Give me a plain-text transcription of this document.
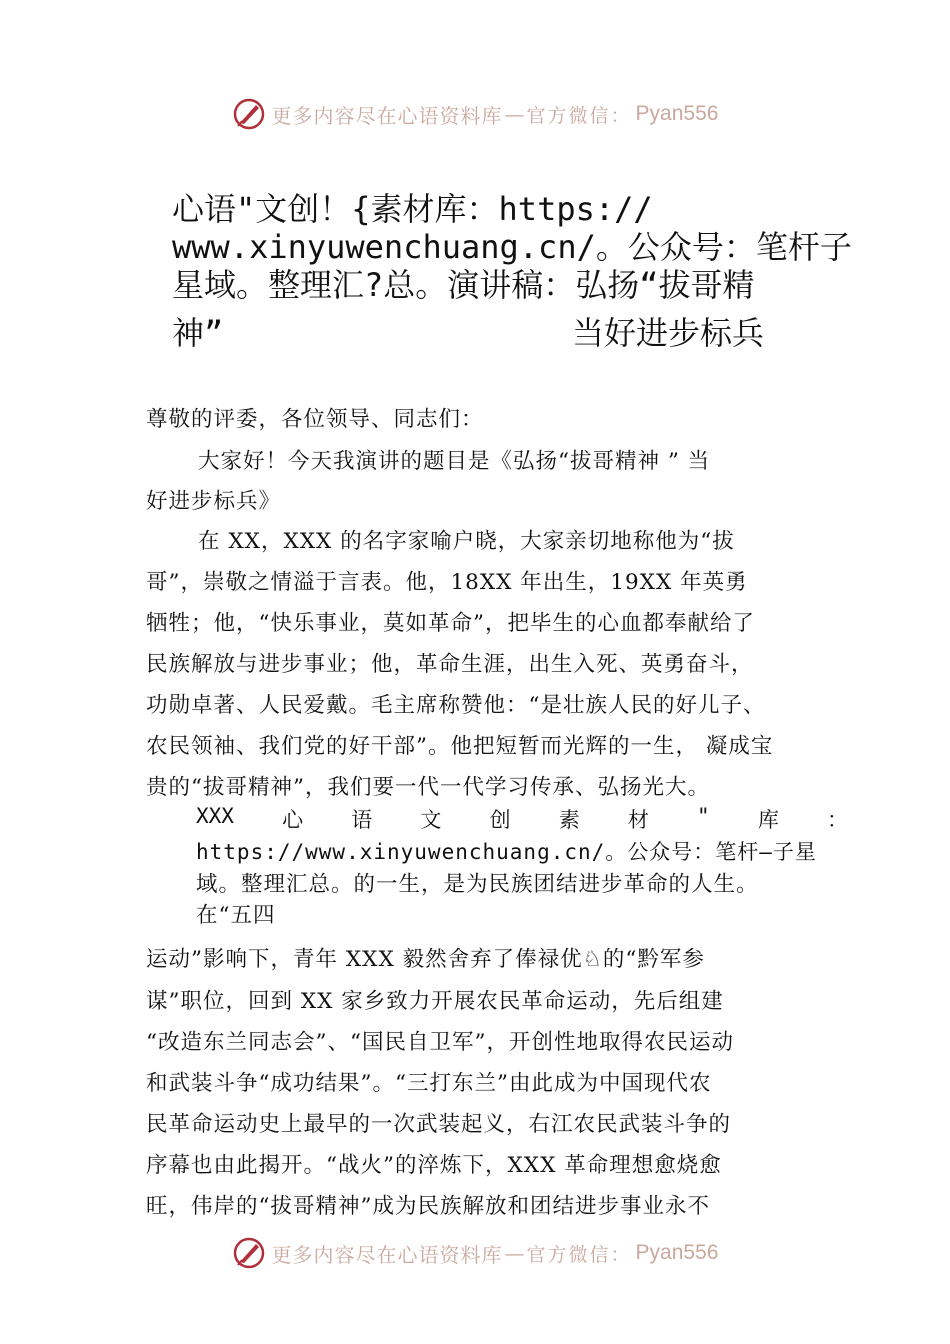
更多内容尽在心语资料库 — 官方微信： Pyan556
心语"文创！{素材库：https://
www.xinyuwenchuang.cn/。公众号：笔杆子
星域。整理汇?总。演讲稿：弘扬“拔哥精
神”	当好进步标兵
尊敬的评委，各位领导、同志们：
大家好！今天我演讲的题目是《弘扬“拔哥精神 ” 当
好进步标兵》
在 XX，XXX 的名字家喻户晓，大家亲切地称他为“拔
哥”，崇敬之情溢于言表。他，18XX 年出生，19XX 年英勇
牺牲；他，“快乐事业，莫如革命”，把毕生的心血都奉献给了
民族解放与进步事业；他，革命生涯，出生入死、英勇奋斗，
功勋卓著、人民爱戴。毛主席称赞他：“是壮族人民的好儿子、
农民领袖、我们党的好干部”。他把短暂而光辉的一生， 凝成宝
贵的“拔哥精神”，我们要一代一代学习传承、弘扬光大。
XXX 心 语 文 创 素 材 " 库 ：
https://www.xinyuwenchuang.cn/。公众号：笔杆—子星
域。整理汇总。的一生，是为民族团结进步革命的人生。
在“五四
运动”影响下，青年 XXX 毅然舍弃了俸禄优♘的“黔军参
谋”职位，回到 XX 家乡致力开展农民革命运动，先后组建
“改造东兰同志会”、“国民自卫军”，开创性地取得农民运动
和武装斗争“成功结果”。“三打东兰”由此成为中国现代农
民革命运动史上最早的一次武装起义，右江农民武装斗争的
序幕也由此揭开。“战火”的淬炼下，XXX 革命理想愈烧愈
旺，伟岸的“拔哥精神”成为民族解放和团结进步事业永不
更多内容尽在心语资料库 — 官方微信： Pyan556
